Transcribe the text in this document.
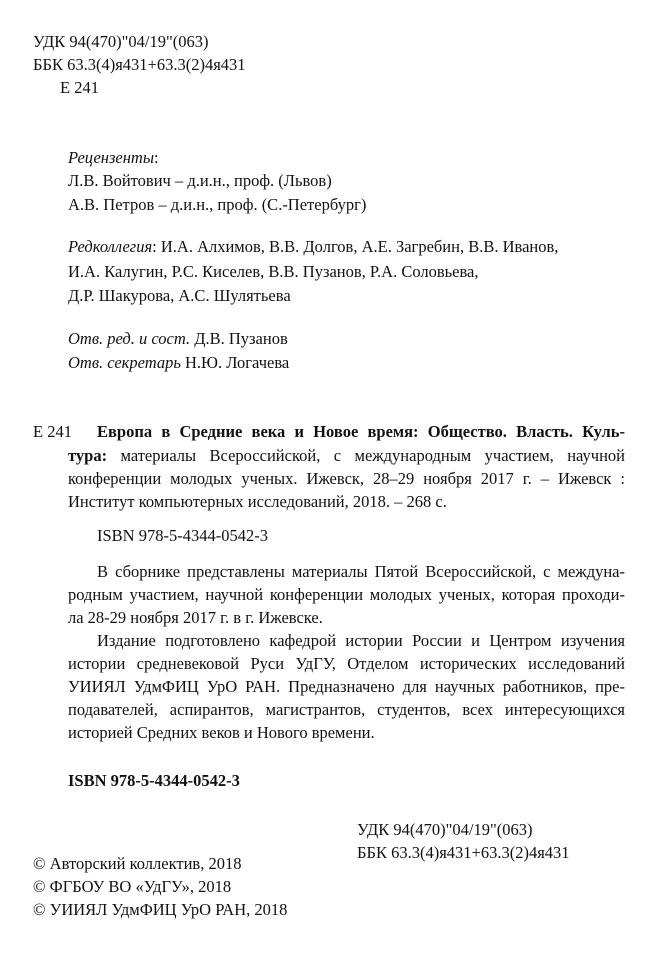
УДК 94(470)"04/19"(063)
ББК 63.3(4)я431+63.3(2)4я431
Е 241
Рецензенты:
Л.В. Войтович – д.и.н., проф. (Львов)
А.В. Петров – д.и.н., проф. (С.-Петербург)
Редколлегия: И.А. Алхимов, В.В. Долгов, А.Е. Загребин, В.В. Иванов,
И.А. Калугин, Р.С. Киселев, В.В. Пузанов, Р.А. Соловьева,
Д.Р. Шакурова, А.С. Шулятьева
Отв. ред. и сост. Д.В. Пузанов
Отв. секретарь Н.Ю. Логачева
Е 241 Европа в Средние века и Новое время: Общество. Власть. Куль-
тура: материалы Всероссийской, с международным участием, научной
конференции молодых ученых. Ижевск, 28–29 ноября 2017 г. – Ижевск :
Институт компьютерных исследований, 2018. – 268 с.
ISBN 978-5-4344-0542-3
В сборнике представлены материалы Пятой Всероссийской, с междуна-
родным участием, научной конференции молодых ученых, которая проходи-
ла 28-29 ноября 2017 г. в г. Ижевске.
Издание подготовлено кафедрой истории России и Центром изучения
истории средневековой Руси УдГУ, Отделом исторических исследований
УИИЯЛ УдмФИЦ УрО РАН. Предназначено для научных работников, пре-
подавателей, аспирантов, магистрантов, студентов, всех интересующихся
историей Средних веков и Нового времени.
ISBN 978-5-4344-0542-3
УДК 94(470)"04/19"(063)
ББК 63.3(4)я431+63.3(2)4я431
© Авторский коллектив, 2018
© ФГБОУ ВО «УдГУ», 2018
© УИИЯЛ УдмФИЦ УрО РАН, 2018
